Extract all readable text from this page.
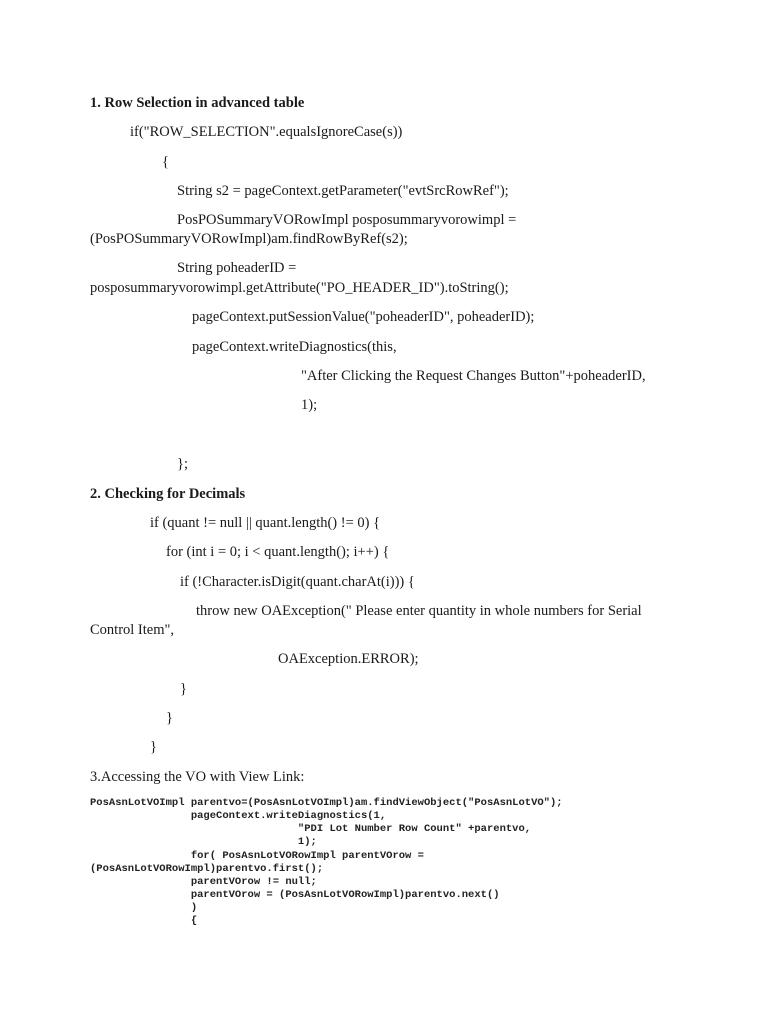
1. Row Selection in advanced table
if("ROW_SELECTION".equalsIgnoreCase(s))
{
String s2 = pageContext.getParameter("evtSrcRowRef");
PosPOSummaryVORowImpl posposummaryvorowimpl =
(PosPOSummaryVORowImpl)am.findRowByRef(s2);
String poheaderID =
posposummaryvorowimpl.getAttribute("PO_HEADER_ID").toString();
pageContext.putSessionValue("poheaderID", poheaderID);
pageContext.writeDiagnostics(this,
"After Clicking the Request Changes Button"+poheaderID,
1);
};
2. Checking for Decimals
if (quant != null || quant.length() != 0) {
for (int i = 0; i < quant.length(); i++) {
if (!Character.isDigit(quant.charAt(i))) {
throw new OAException(" Please enter quantity in whole numbers for Serial
Control Item",
OAException.ERROR);
}
}
}
3.Accessing the VO with View Link:
PosAsnLotVOImpl parentvo=(PosAsnLotVOImpl)am.findViewObject("PosAsnLotVO");
pageContext.writeDiagnostics(1,
"PDI Lot Number Row Count" +parentvo,
1);
for( PosAsnLotVORowImpl parentVOrow =
(PosAsnLotVORowImpl)parentvo.first();
parentVOrow != null;
parentVOrow = (PosAsnLotVORowImpl)parentvo.next()
)
{
